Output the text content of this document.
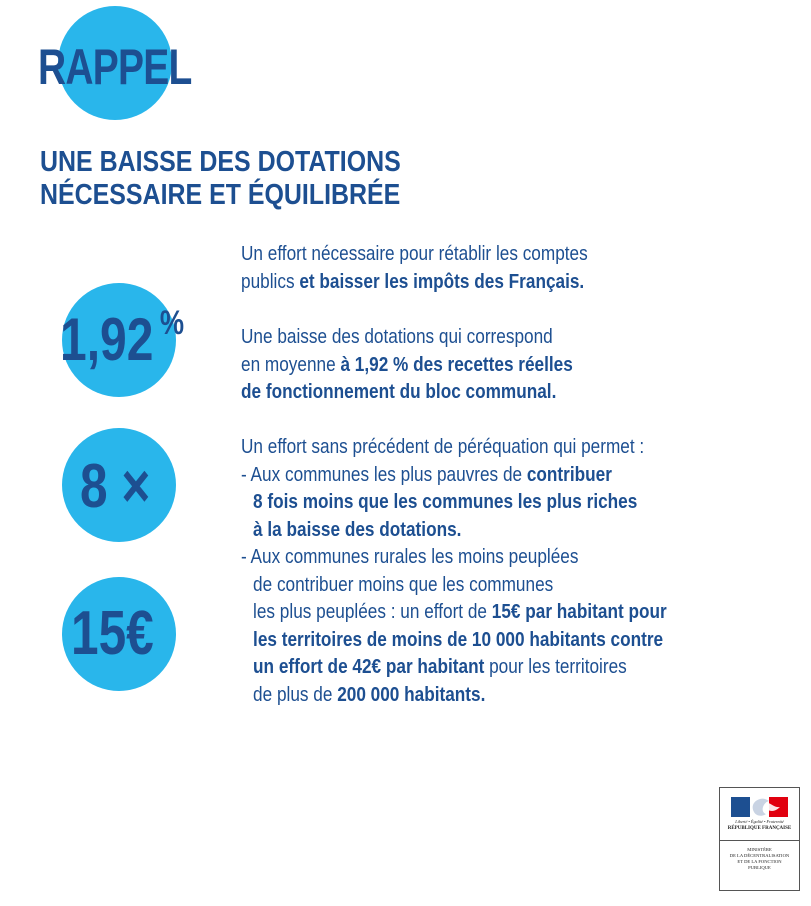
RAPPEL
UNE BAISSE DES DOTATIONS
NÉCESSAIRE ET ÉQUILIBRÉE
1,92 %
8 ×
15€
Un effort nécessaire pour rétablir les comptes
publics et baisser les impôts des Français.
Une baisse des dotations qui correspond
en moyenne à 1,92 % des recettes réelles
de fonctionnement du bloc communal.
Un effort sans précédent de péréquation qui permet :
- Aux communes les plus pauvres de contribuer
8 fois moins que les communes les plus riches
à la baisse des dotations.
- Aux communes rurales les moins peuplées
de contribuer moins que les communes
les plus peuplées : un effort de 15€ par habitant pour
les territoires de moins de 10 000 habitants contre
un effort de 42€ par habitant pour les territoires
de plus de 200 000 habitants.
Liberté • Égalité • Fraternité
RÉPUBLIQUE FRANÇAISE
MINISTÈRE
DE LA DÉCENTRALISATION
ET DE LA FONCTION
PUBLIQUE
